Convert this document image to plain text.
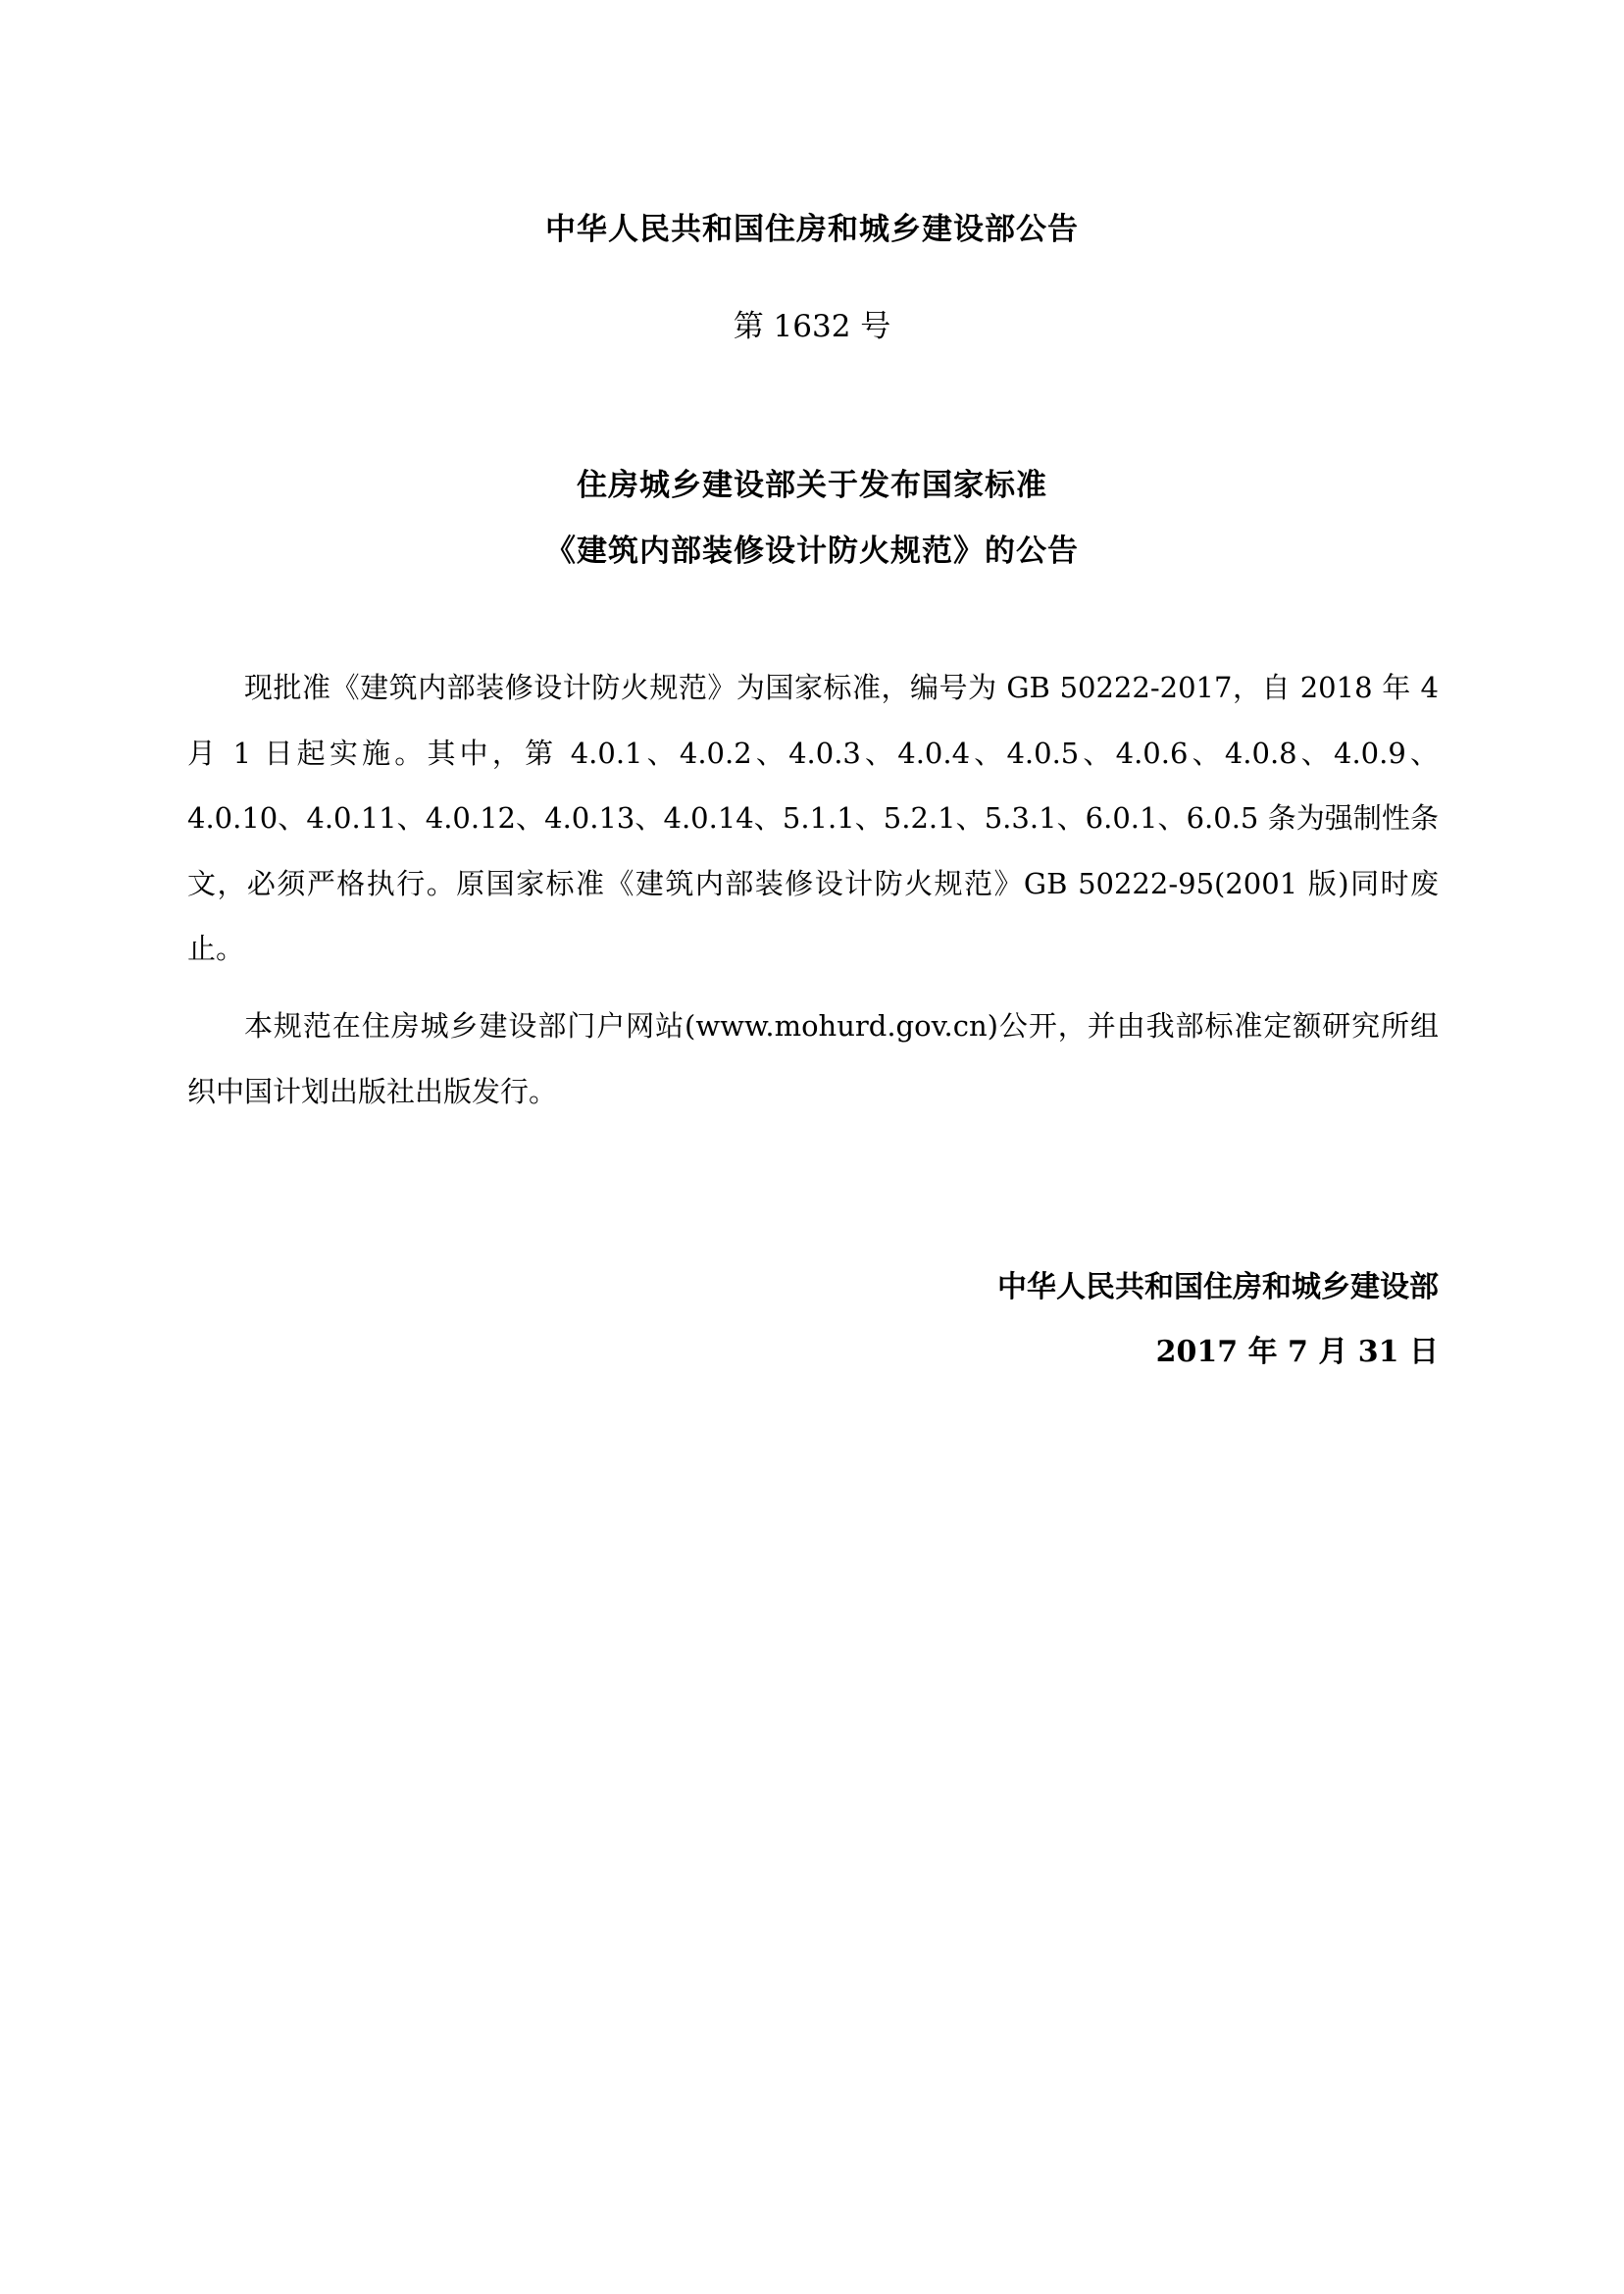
中华人民共和国住房和城乡建设部公告
第 1632 号
住房城乡建设部关于发布国家标准
《建筑内部装修设计防火规范》的公告

现批准《建筑内部装修设计防火规范》为国家标准，编号为 GB 50222-2017，自 2018 年 4 月 1 日起实施。其中，第 4.0.1、4.0.2、4.0.3、4.0.4、4.0.5、4.0.6、4.0.8、4.0.9、4.0.10、4.0.11、4.0.12、4.0.13、4.0.14、5.1.1、5.2.1、5.3.1、6.0.1、6.0.5 条为强制性条文，必须严格执行。原国家标准《建筑内部装修设计防火规范》GB 50222-95(2001 版)同时废止。

本规范在住房城乡建设部门户网站(www.mohurd.gov.cn)公开，并由我部标准定额研究所组织中国计划出版社出版发行。

中华人民共和国住房和城乡建设部
2017 年 7 月 31 日
